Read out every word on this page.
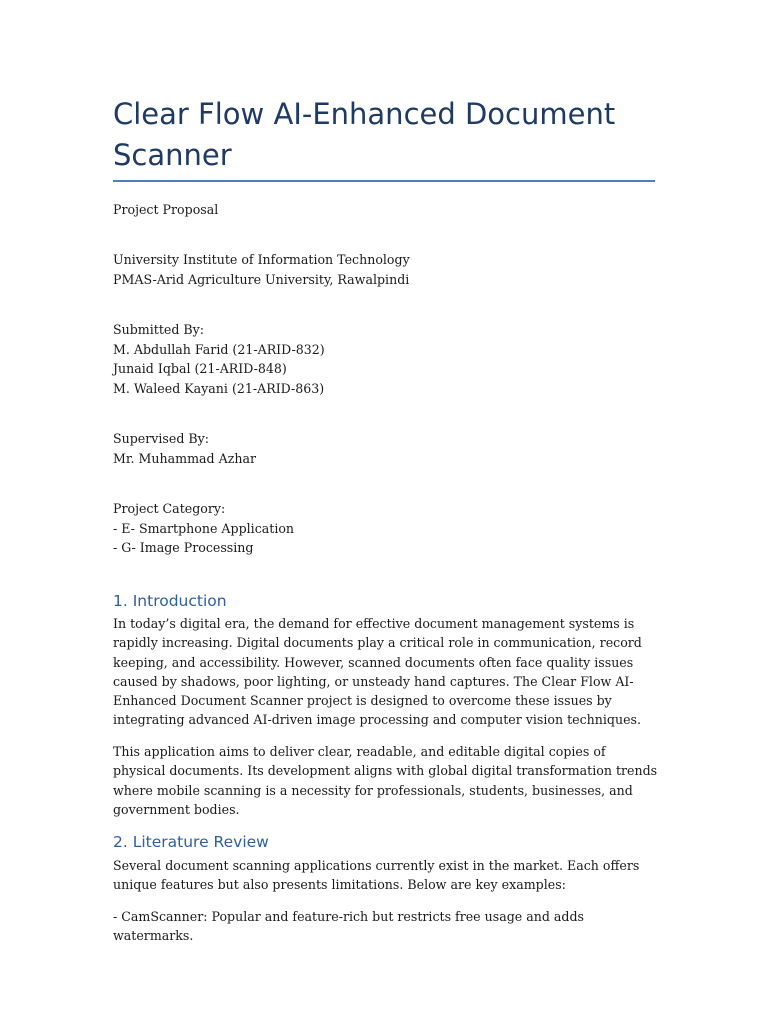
Clear Flow AI-Enhanced Document Scanner
Project Proposal
University Institute of Information Technology
PMAS-Arid Agriculture University, Rawalpindi
Submitted By:
M. Abdullah Farid (21-ARID-832)
Junaid Iqbal (21-ARID-848)
M. Waleed Kayani (21-ARID-863)
Supervised By:
Mr. Muhammad Azhar
Project Category:
- E- Smartphone Application
- G- Image Processing
1. Introduction

In today’s digital era, the demand for effective document management systems is rapidly increasing. Digital documents play a critical role in communication, record keeping, and accessibility. However, scanned documents often face quality issues caused by shadows, poor lighting, or unsteady hand captures. The Clear Flow AI-Enhanced Document Scanner project is designed to overcome these issues by integrating advanced AI-driven image processing and computer vision techniques.

This application aims to deliver clear, readable, and editable digital copies of physical documents. Its development aligns with global digital transformation trends where mobile scanning is a necessity for professionals, students, businesses, and government bodies.

2. Literature Review

Several document scanning applications currently exist in the market. Each offers unique features but also presents limitations. Below are key examples:

- CamScanner: Popular and feature-rich but restricts free usage and adds watermarks.
